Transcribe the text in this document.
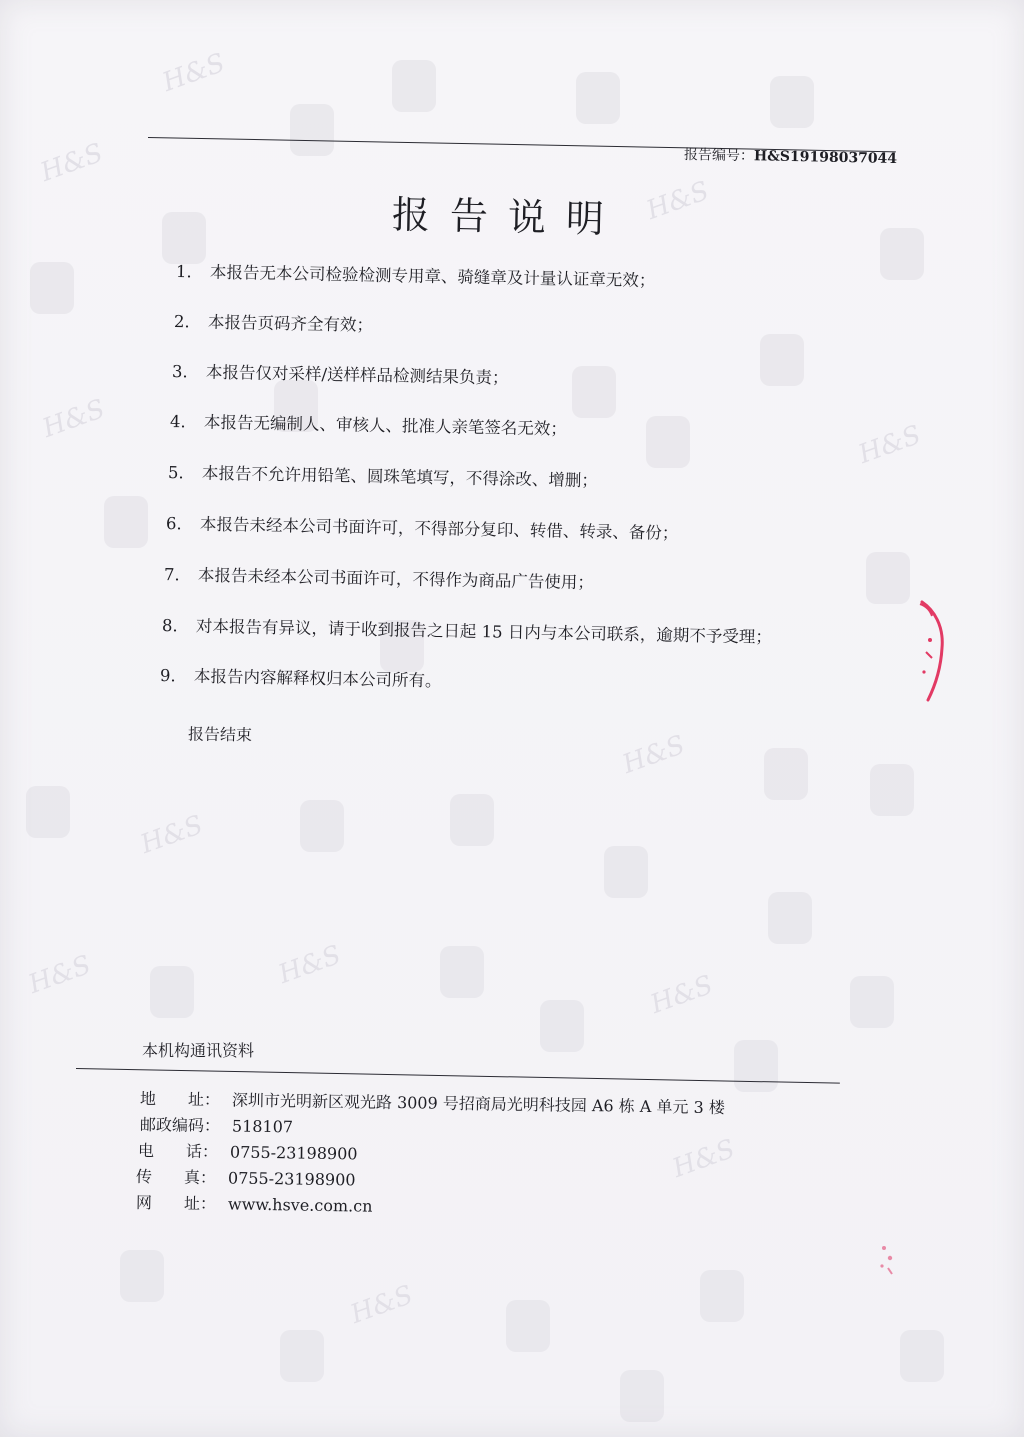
H&S
H&S
H&S
H&S
H&S
H&S
H&S
H&S
H&S
H&S
H&S
H&S
报告编号：H&S19198037044
报告说明
1. 本报告无本公司检验检测专用章、骑缝章及计量认证章无效；
2. 本报告页码齐全有效；
3. 本报告仅对采样/送样样品检测结果负责；
4. 本报告无编制人、审核人、批准人亲笔签名无效；
5. 本报告不允许用铅笔、圆珠笔填写，不得涂改、增删；
6. 本报告未经本公司书面许可，不得部分复印、转借、转录、备份；
7. 本报告未经本公司书面许可，不得作为商品广告使用；
8. 对本报告有异议，请于收到报告之日起 15 日内与本公司联系，逾期不予受理；
9. 本报告内容解释权归本公司所有。
报告结束
本机构通讯资料
地　　址： 深圳市光明新区观光路 3009 号招商局光明科技园 A6 栋 A 单元 3 楼
邮政编码： 518107
电　　话： 0755-23198900
传　　真： 0755-23198900
网　　址： www.hsve.com.cn
